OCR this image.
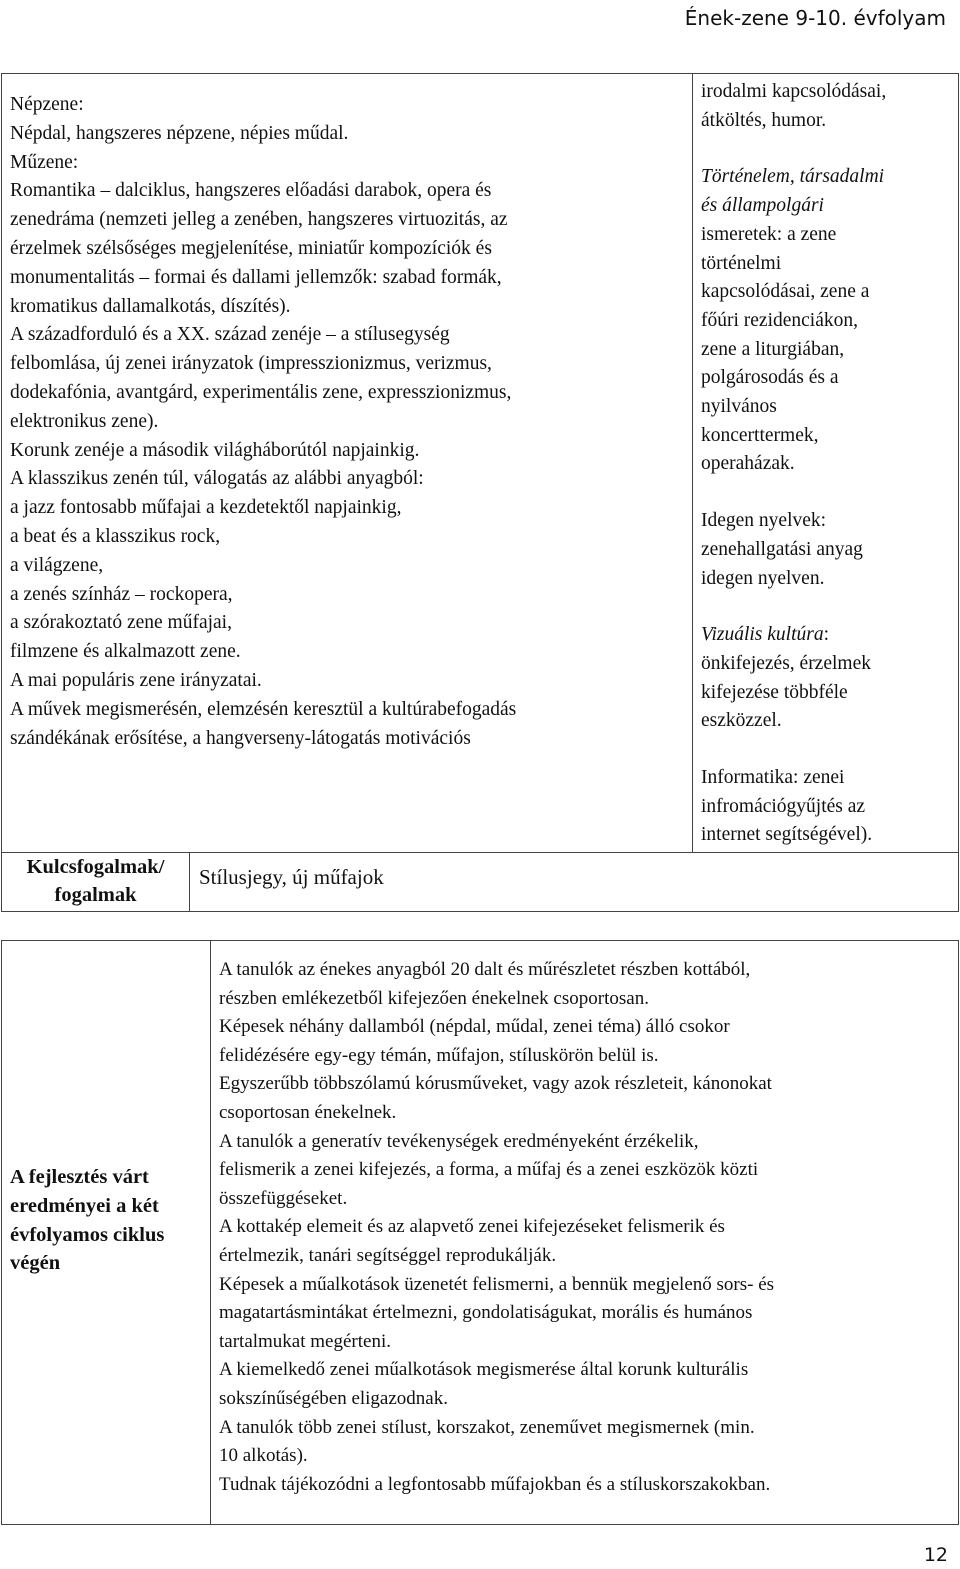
Ének-zene 9-10. évfolyam
Népzene:
Népdal, hangszeres népzene, népies műdal.
Műzene:
Romantika – dalciklus, hangszeres előadási darabok, opera és
zenedráma (nemzeti jelleg a zenében, hangszeres virtuozitás, az
érzelmek szélsőséges megjelenítése, miniatűr kompozíciók és
monumentalitás – formai és dallami jellemzők: szabad formák,
kromatikus dallamalkotás, díszítés).
A századforduló és a XX. század zenéje – a stílusegység
felbomlása, új zenei irányzatok (impresszionizmus, verizmus,
dodekafónia, avantgárd, experimentális zene, expresszionizmus,
elektronikus zene).
Korunk zenéje a második világháborútól napjainkig.
A klasszikus zenén túl, válogatás az alábbi anyagból:
a jazz fontosabb műfajai a kezdetektől napjainkig,
a beat és a klasszikus rock,
a világzene,
a zenés színház – rockopera,
a szórakoztató zene műfajai,
filmzene és alkalmazott zene.
A mai populáris zene irányzatai.
A művek megismerésén, elemzésén keresztül a kultúrabefogadás
szándékának erősítése, a hangverseny-látogatás motivációs
irodalmi kapcsolódásai,
átköltés, humor.
Történelem, társadalmi
és állampolgári
ismeretek: a zene
történelmi
kapcsolódásai, zene a
főúri rezidenciákon,
zene a liturgiában,
polgárosodás és a
nyilvános
koncerttermek,
operaházak.
Idegen nyelvek:
zenehallgatási anyag
idegen nyelven.
Vizuális kultúra:
önkifejezés, érzelmek
kifejezése többféle
eszközzel.
Informatika: zenei
infromációgyűjtés az
internet segítségével).
Kulcsfogalmak/
fogalmak
Stílusjegy, új műfajok
A fejlesztés várt
eredményei a két
évfolyamos ciklus
végén
A tanulók az énekes anyagból 20 dalt és műrészletet részben kottából,
részben emlékezetből kifejezően énekelnek csoportosan.
Képesek néhány dallamból (népdal, műdal, zenei téma) álló csokor
felidézésére egy-egy témán, műfajon, stíluskörön belül is.
Egyszerűbb többszólamú kórusműveket, vagy azok részleteit, kánonokat
csoportosan énekelnek.
A tanulók a generatív tevékenységek eredményeként érzékelik,
felismerik a zenei kifejezés, a forma, a műfaj és a zenei eszközök közti
összefüggéseket.
A kottakép elemeit és az alapvető zenei kifejezéseket felismerik és
értelmezik, tanári segítséggel reprodukálják.
Képesek a műalkotások üzenetét felismerni, a bennük megjelenő sors- és
magatartásmintákat értelmezni, gondolatiságukat, morális és humános
tartalmukat megérteni.
A kiemelkedő zenei műalkotások megismerése által korunk kulturális
sokszínűségében eligazodnak.
A tanulók több zenei stílust, korszakot, zeneművet megismernek (min.
10 alkotás).
Tudnak tájékozódni a legfontosabb műfajokban és a stíluskorszakokban.
12
